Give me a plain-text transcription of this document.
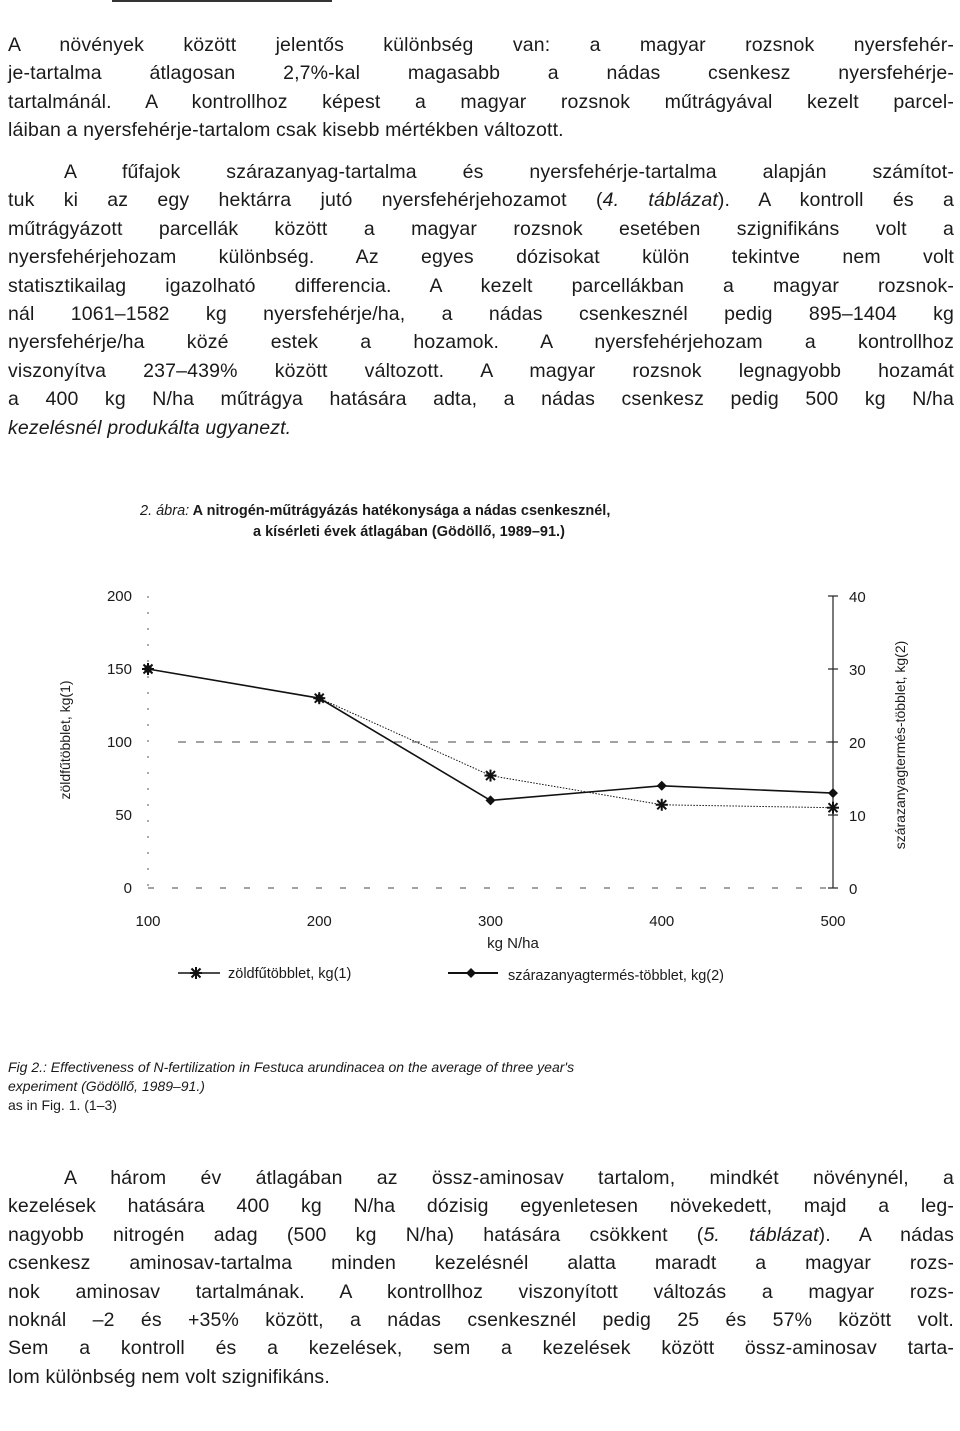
A növények között jelentős különbség van: a magyar rozsnok nyersfehér-
je-tartalma átlagosan 2,7%-kal magasabb a nádas csenkesz nyersfehérje-
tartalmánál. A kontrollhoz képest a magyar rozsnok műtrágyával kezelt parcel-
láiban a nyersfehérje-tartalom csak kisebb mértékben változott.
A fűfajok szárazanyag-tartalma és nyersfehérje-tartalma alapján számítot-
tuk ki az egy hektárra jutó nyersfehérjehozamot (4. táblázat). A kontroll és a
műtrágyázott parcellák között a magyar rozsnok esetében szignifikáns volt a
nyersfehérjehozam különbség. Az egyes dózisokat külön tekintve nem volt
statisztikailag igazolható differencia. A kezelt parcellákban a magyar rozsnok-
nál 1061–1582 kg nyersfehérje/ha, a nádas csenkesznél pedig 895–1404 kg
nyersfehérje/ha közé estek a hozamok. A nyersfehérjehozam a kontrollhoz
viszonyítva 237–439% között változott. A magyar rozsnok legnagyobb hozamát
a 400 kg N/ha műtrágya hatására adta, a nádas csenkesz pedig 500 kg N/ha
kezelésnél produkálta ugyanezt.
2. ábra: A nitrogén-műtrágyázás hatékonysága a nádas csenkesznél,
a kísérleti évek átlagában (Gödöllő, 1989–91.)
200
150
100
50
0
40
30
20
10
0
100	200	300	400	500
zöldfűtöbblet, kg(1)	szárazanyagtermés-többlet, kg(2)
kg N/ha
zöldfűtöbblet, kg(1)	szárazanyagtermés-többlet, kg(2)
Fig 2.: Effectiveness of N-fertilization in Festuca arundinacea on the average of three year's
experiment (Gödöllő, 1989–91.)
as in Fig. 1. (1–3)
A három év átlagában az össz-aminosav tartalom, mindkét növénynél, a
kezelések hatására 400 kg N/ha dózisig egyenletesen növekedett, majd a leg-
nagyobb nitrogén adag (500 kg N/ha) hatására csökkent (5. táblázat). A nádas
csenkesz aminosav-tartalma minden kezelésnél alatta maradt a magyar rozs-
nok aminosav tartalmának. A kontrollhoz viszonyított változás a magyar rozs-
noknál –2 és +35% között, a nádas csenkesznél pedig 25 és 57% között volt.
Sem a kontroll és a kezelések, sem a kezelések között össz-aminosav tarta-
lom különbség nem volt szignifikáns.
